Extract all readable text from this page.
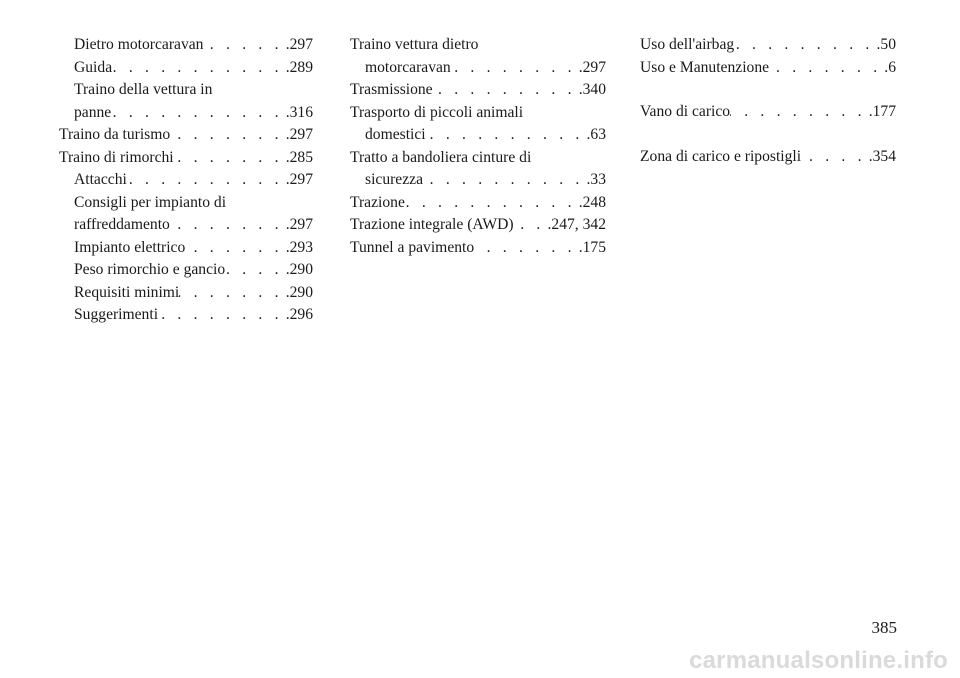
Dietro motorcaravan . . .	.297
Guida . . .	.289
Traino della vettura in
panne . . .	.316
Traino da turismo . . .	.297
Traino di rimorchi . . .	.285
Attacchi . . .	.297
Consigli per impianto di
raffreddamento . . .	.297
Impianto elettrico . . .	.293
Peso rimorchio e gancio . . .	.290
Requisiti minimi . . .	.290
Suggerimenti . . .	.296
Traino vettura dietro
motorcaravan . . .	.297
Trasmissione . . .	.340
Trasporto di piccoli animali
domestici . . .	.63
Tratto a bandoliera cinture di
sicurezza . . .	.33
Trazione . . .	.248
Trazione integrale (AWD) . . . .247, 342
Tunnel a pavimento . . .	.175
Uso dell'airbag . . .	.50
Uso e Manutenzione . . .	.6
Vano di carico . . .	.177
Zona di carico e ripostigli . . .	.354
385
carmanualsonline.info
